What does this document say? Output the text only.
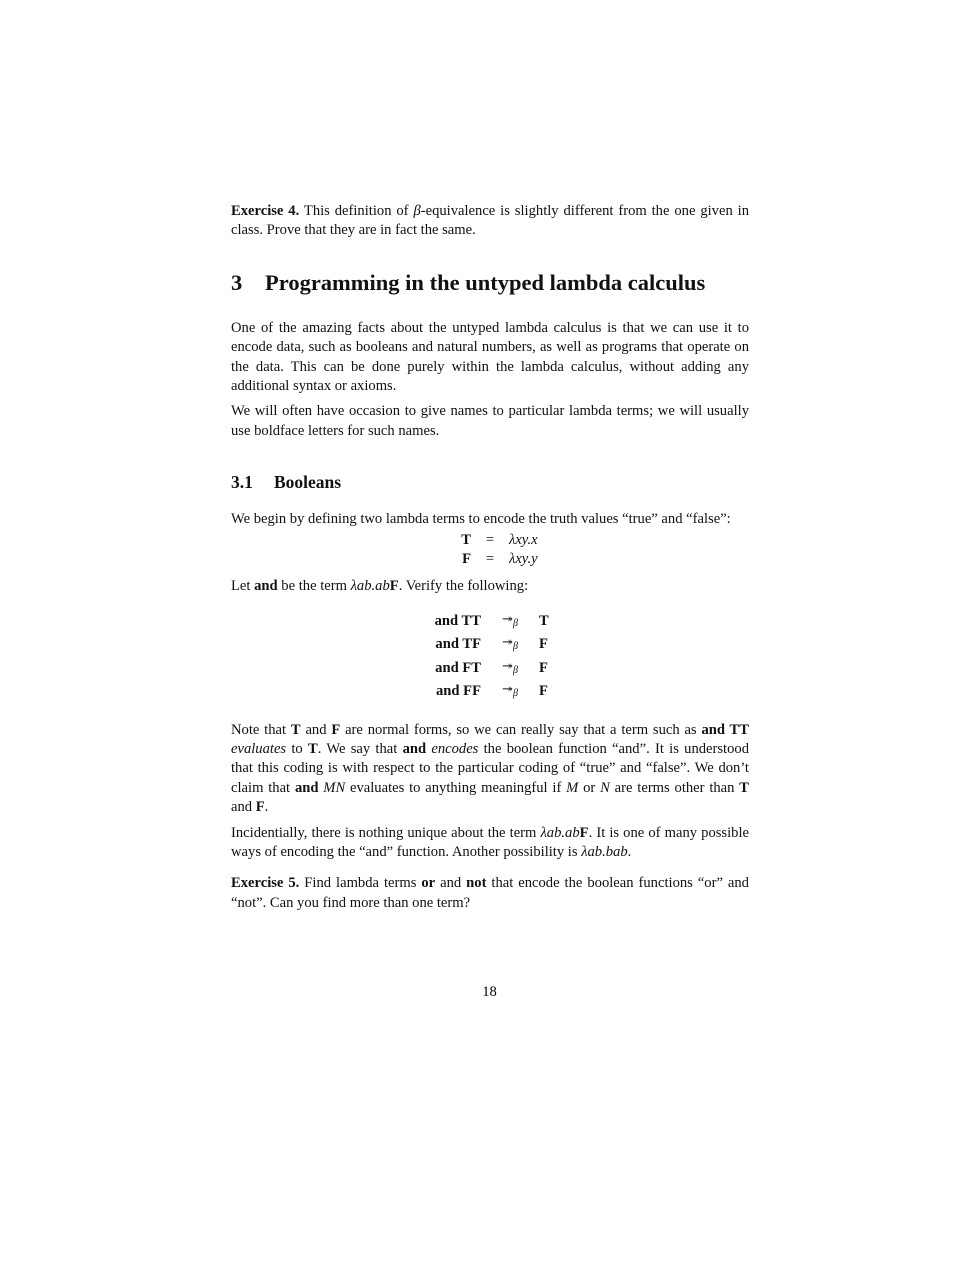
Exercise 4. This definition of β-equivalence is slightly different from the one given in class. Prove that they are in fact the same.

3 Programming in the untyped lambda calculus

One of the amazing facts about the untyped lambda calculus is that we can use it to encode data, such as booleans and natural numbers, as well as programs that operate on the data. This can be done purely within the lambda calculus, without adding any additional syntax or axioms.

We will often have occasion to give names to particular lambda terms; we will usually use boldface letters for such names.

3.1 Booleans

We begin by defining two lambda terms to encode the truth values “true” and “false”:

T	=	λxy.x
F	=	λxy.y

Let and be the term λab.abF. Verify the following:

and TT	$↠_\beta$	T
and TF	$↠_\beta$	F
and FT	$↠_\beta$	F
and FF	$↠_\beta$	F

Note that T and F are normal forms, so we can really say that a term such as and TT evaluates to T. We say that and encodes the boolean function “and”. It is understood that this coding is with respect to the particular coding of “true” and “false”. We don’t claim that and MN evaluates to anything meaningful if M or N are terms other than T and F.

Incidentially, there is nothing unique about the term λab.abF. It is one of many possible ways of encoding the “and” function. Another possibility is λab.bab.

Exercise 5. Find lambda terms or and not that encode the boolean functions “or” and “not”. Can you find more than one term?

18
